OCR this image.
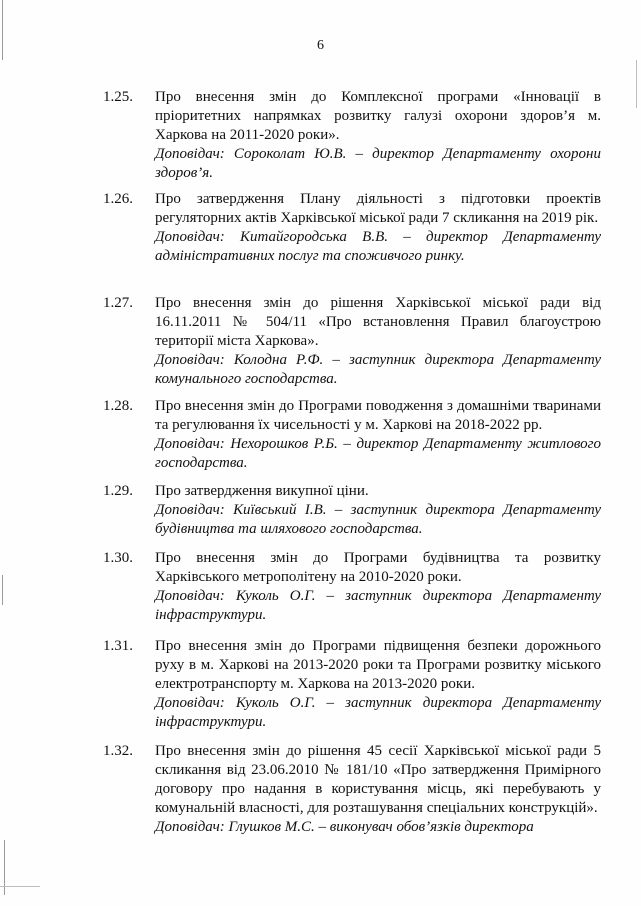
6
1.25. Про внесення змін до Комплексної програми «Інновації в пріоритетних напрямках розвитку галузі охорони здоров’я м. Харкова на 2011-2020 роки».
Доповідач: Сороколат Ю.В. – директор Департаменту охорони здоров’я.
1.26. Про затвердження Плану діяльності з підготовки проектів регуляторних актів Харківської міської ради 7 скликання на 2019 рік.
Доповідач: Китайгородська В.В. – директор Департаменту адміністративних послуг та споживчого ринку.
1.27. Про внесення змін до рішення Харківської міської ради від 16.11.2011 № 504/11 «Про встановлення Правил благоустрою території міста Харкова».
Доповідач: Колодна Р.Ф. – заступник директора Департаменту комунального господарства.
1.28. Про внесення змін до Програми поводження з домашніми тваринами та регулювання їх чисельності у м. Харкові на 2018-2022 рр.
Доповідач: Нехорошков Р.Б. – директор Департаменту житлового господарства.
1.29. Про затвердження викупної ціни.
Доповідач: Київський І.В. – заступник директора Департаменту будівництва та шляхового господарства.
1.30. Про внесення змін до Програми будівництва та розвитку Харківського метрополітену на 2010-2020 роки.
Доповідач: Куколь О.Г. – заступник директора Департаменту інфраструктури.
1.31. Про внесення змін до Програми підвищення безпеки дорожнього руху в м. Харкові на 2013-2020 роки та Програми розвитку міського електротранспорту м. Харкова на 2013-2020 роки.
Доповідач: Куколь О.Г. – заступник директора Департаменту інфраструктури.
1.32. Про внесення змін до рішення 45 сесії Харківської міської ради 5 скликання від 23.06.2010 № 181/10 «Про затвердження Примірного договору про надання в користування місць, які перебувають у комунальній власності, для розташування спеціальних конструкцій».
Доповідач: Глушков М.С. – виконувач обов’язків директора
